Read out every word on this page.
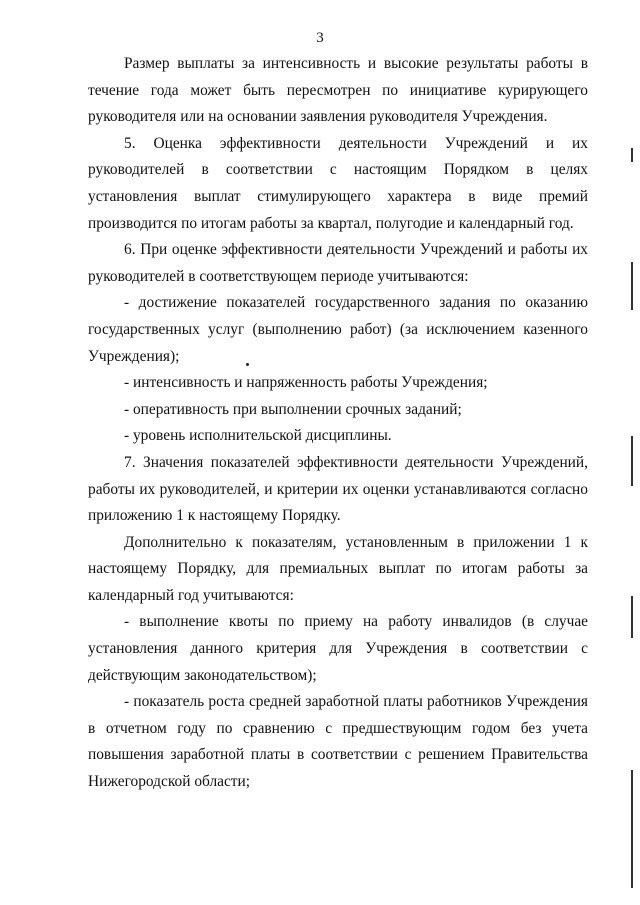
3

Размер выплаты за интенсивность и высокие результаты работы в течение года может быть пересмотрен по инициативе курирующего руководителя или на основании заявления руководителя Учреждения.

5. Оценка эффективности деятельности Учреждений и их руководителей в соответствии с настоящим Порядком в целях установления выплат стимулирующего характера в виде премий производится по итогам работы за квартал, полугодие и календарный год.

6. При оценке эффективности деятельности Учреждений и работы их руководителей в соответствующем периоде учитываются:

- достижение показателей государственного задания по оказанию государственных услуг (выполнению работ) (за исключением казенного Учреждения);

- интенсивность и напряженность работы Учреждения;

- оперативность при выполнении срочных заданий;

- уровень исполнительской дисциплины.

7. Значения показателей эффективности деятельности Учреждений, работы их руководителей, и критерии их оценки устанавливаются согласно приложению 1 к настоящему Порядку.

Дополнительно к показателям, установленным в приложении 1 к настоящему Порядку, для премиальных выплат по итогам работы за календарный год учитываются:

- выполнение квоты по приему на работу инвалидов (в случае установления данного критерия для Учреждения в соответствии с действующим законодательством);

- показатель роста средней заработной платы работников Учреждения в отчетном году по сравнению с предшествующим годом без учета повышения заработной платы в соответствии с решением Правительства Нижегородской области;
